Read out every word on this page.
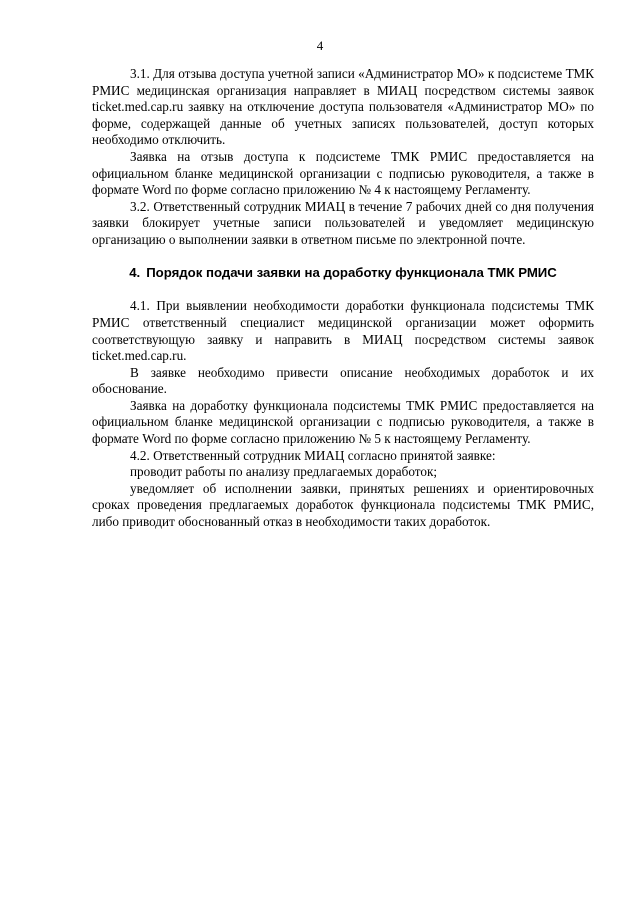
4

3.1. Для отзыва доступа учетной записи «Администратор МО» к подсистеме ТМК РМИС медицинская организация направляет в МИАЦ посредством системы заявок ticket.med.cap.ru заявку на отключение доступа пользователя «Администратор МО» по форме, содержащей данные об учетных записях пользователей, доступ которых необходимо отключить.

Заявка на отзыв доступа к подсистеме ТМК РМИС предоставляется на официальном бланке медицинской организации с подписью руководителя, а также в формате Word по форме согласно приложению № 4 к настоящему Регламенту.

3.2. Ответственный сотрудник МИАЦ в течение 7 рабочих дней со дня получения заявки блокирует учетные записи пользователей и уведомляет медицинскую организацию о выполнении заявки в ответном письме по электронной почте.

4. Порядок подачи заявки на доработку функционала ТМК РМИС

4.1. При выявлении необходимости доработки функционала подсистемы ТМК РМИС ответственный специалист медицинской организации может оформить соответствующую заявку и направить в МИАЦ посредством системы заявок ticket.med.cap.ru.

В заявке необходимо привести описание необходимых доработок и их обоснование.

Заявка на доработку функционала подсистемы ТМК РМИС предоставляется на официальном бланке медицинской организации с подписью руководителя, а также в формате Word по форме согласно приложению № 5 к настоящему Регламенту.

4.2. Ответственный сотрудник МИАЦ согласно принятой заявке:

проводит работы по анализу предлагаемых доработок;

уведомляет об исполнении заявки, принятых решениях и ориентировочных сроках проведения предлагаемых доработок функционала подсистемы ТМК РМИС, либо приводит обоснованный отказ в необходимости таких доработок.
